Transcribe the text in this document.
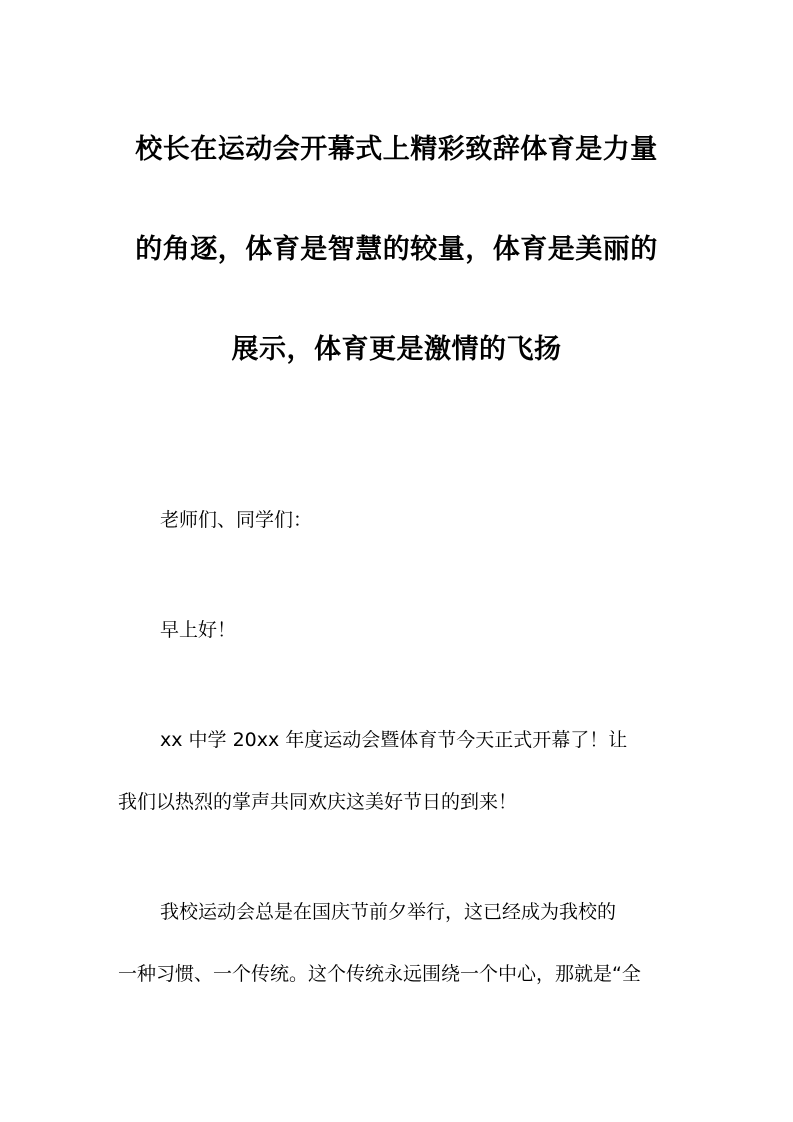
校长在运动会开幕式上精彩致辞体育是力量
的角逐，体育是智慧的较量，体育是美丽的
展示，体育更是激情的飞扬
老师们、同学们：
早上好！
xx 中学 20xx 年度运动会暨体育节今天正式开幕了！让
我们以热烈的掌声共同欢庆这美好节日的到来！
我校运动会总是在国庆节前夕举行，这已经成为我校的
一种习惯、一个传统。这个传统永远围绕一个中心，那就是“全
